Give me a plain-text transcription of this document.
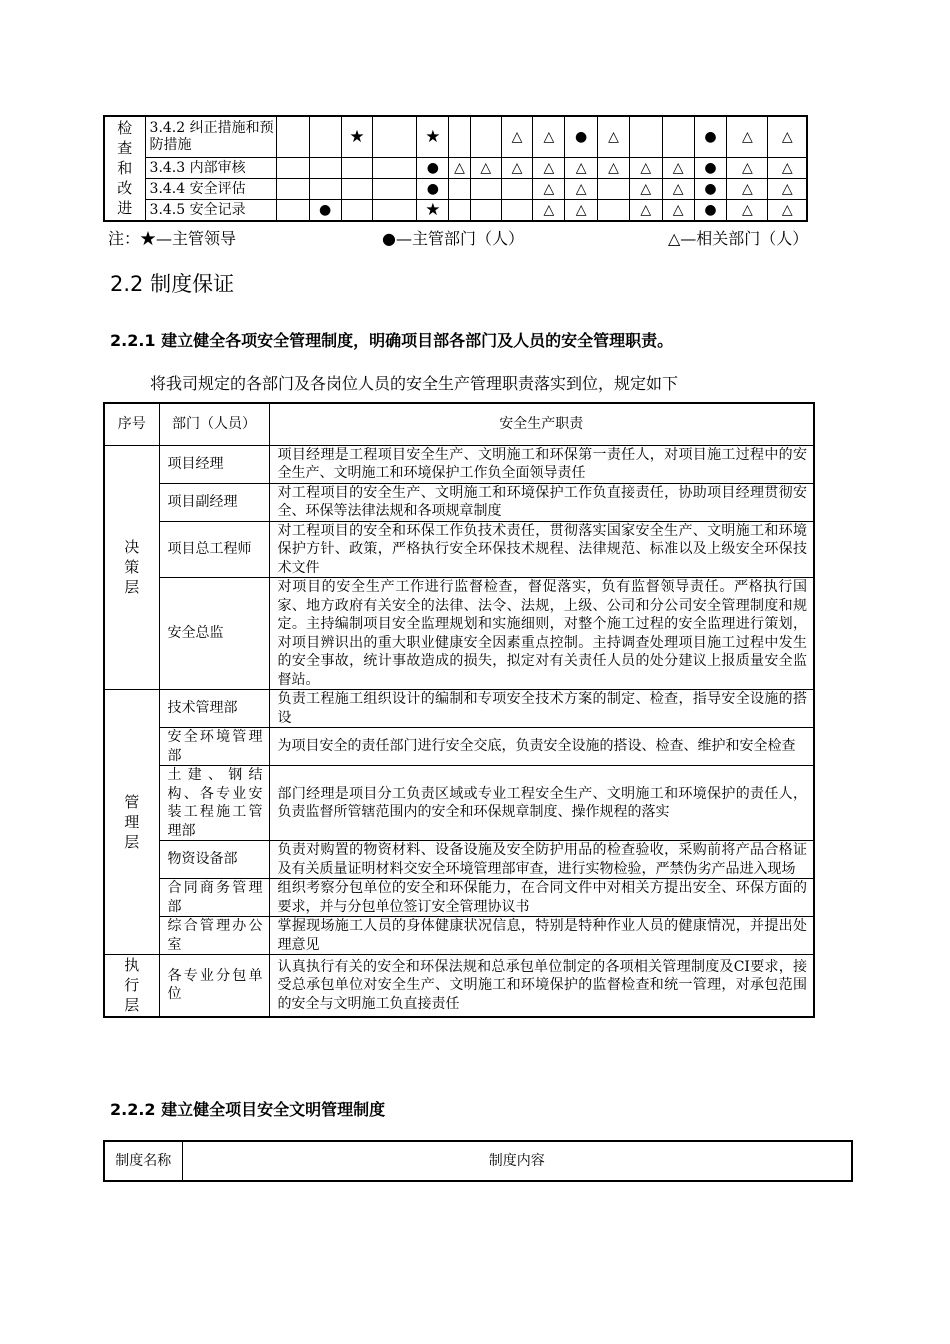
检查和改进	3.4.2 纠正措施和预防措施			★		★			△	△	●	△			●	△	△
	3.4.3 内部审核					●	△	△	△	△	△	△	△	△	●	△	△
	3.4.4 安全评估					●				△	△		△	△	●	△	△
	3.4.5 安全记录		●			★				△	△		△	△	●	△	△
注：★—主管领导	●—主管部门（人）	△—相关部门（人）
2.2 制度保证
2.2.1 建立健全各项安全管理制度，明确项目部各部门及人员的安全管理职责。
将我司规定的各部门及各岗位人员的安全生产管理职责落实到位，规定如下
序号	部门（人员）	安全生产职责
决策层	项目经理	项目经理是工程项目安全生产、文明施工和环保第一责任人，对项目施工过程中的安全生产、文明施工和环境保护工作负全面领导责任
	项目副经理	对工程项目的安全生产、文明施工和环境保护工作负直接责任，协助项目经理贯彻安全、环保等法律法规和各项规章制度
	项目总工程师	对工程项目的安全和环保工作负技术责任，贯彻落实国家安全生产、文明施工和环境保护方针、政策，严格执行安全环保技术规程、法律规范、标准以及上级安全环保技术文件
	安全总监	对项目的安全生产工作进行监督检查，督促落实，负有监督领导责任。严格执行国家、地方政府有关安全的法律、法令、法规，上级、公司和分公司安全管理制度和规定。主持编制项目安全监理规划和实施细则，对整个施工过程的安全监理进行策划，对项目辨识出的重大职业健康安全因素重点控制。主持调查处理项目施工过程中发生的安全事故，统计事故造成的损失，拟定对有关责任人员的处分建议上报质量安全监督站。
管理层	技术管理部	负责工程施工组织设计的编制和专项安全技术方案的制定、检查，指导安全设施的搭设
	安全环境管理部	为项目安全的责任部门进行安全交底，负责安全设施的搭设、检查、维护和安全检查
	土建、钢结构、各专业安装工程施工管理部	部门经理是项目分工负责区域或专业工程安全生产、文明施工和环境保护的责任人，负责监督所管辖范围内的安全和环保规章制度、操作规程的落实
	物资设备部	负责对购置的物资材料、设备设施及安全防护用品的检查验收，采购前将产品合格证及有关质量证明材料交安全环境管理部审查，进行实物检验，严禁伪劣产品进入现场
	合同商务管理部	组织考察分包单位的安全和环保能力，在合同文件中对相关方提出安全、环保方面的要求，并与分包单位签订安全管理协议书
	综合管理办公室	掌握现场施工人员的身体健康状况信息，特别是特种作业人员的健康情况，并提出处理意见
执行层	各专业分包单位	认真执行有关的安全和环保法规和总承包单位制定的各项相关管理制度及CI要求，接受总承包单位对安全生产、文明施工和环境保护的监督检查和统一管理，对承包范围的安全与文明施工负直接责任
2.2.2 建立健全项目安全文明管理制度
制度名称	制度内容
